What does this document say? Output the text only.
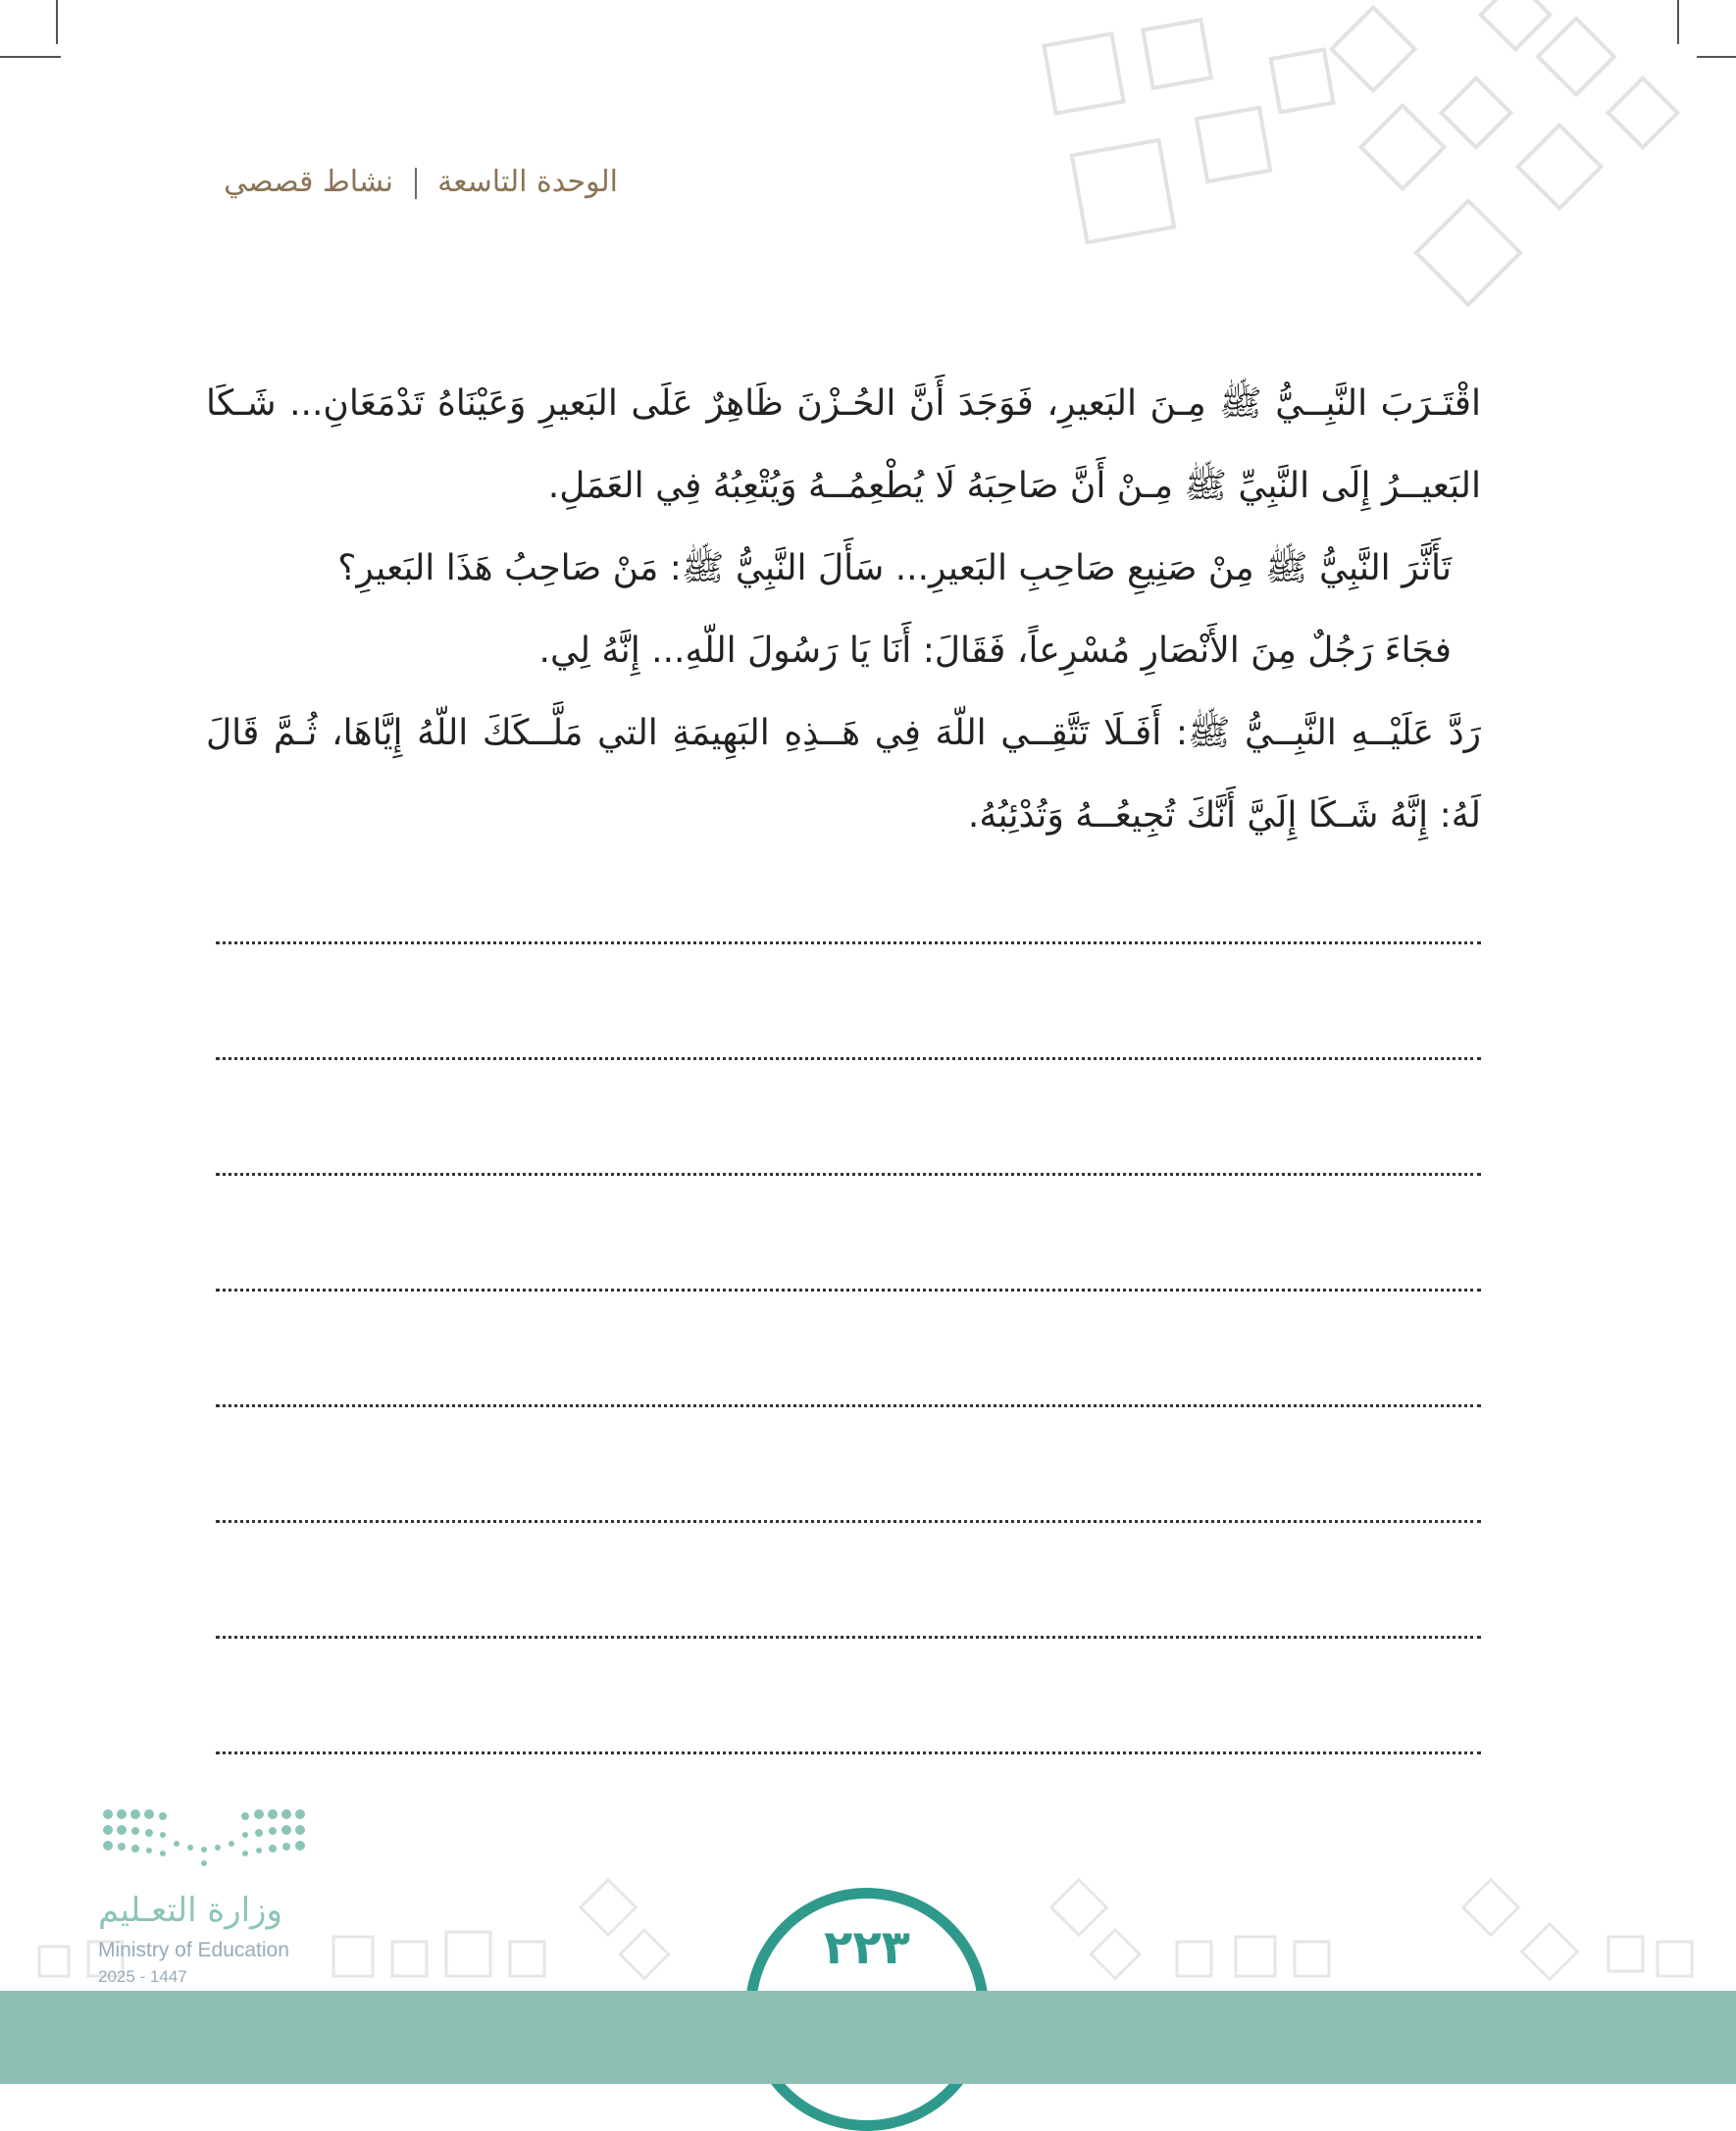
الوحدة التاسعة  نشاط قصصي

اقْتَـرَبَ النَّبِــيُّ ﷺ مِـنَ البَعيرِ، فَوَجَدَ أَنَّ الحُـزْنَ ظَاهِرٌ عَلَى البَعيرِ وَعَيْنَاهُ تَدْمَعَانِ... شَـكَا البَعيــرُ إِلَى النَّبِيِّ ﷺ مِـنْ أَنَّ صَاحِبَهُ لَا يُطْعِمُــهُ وَيُتْعِبُهُ فِي العَمَلِ.

تَأَثَّرَ النَّبِيُّ ﷺ مِنْ صَنِيعِ صَاحِبِ البَعيرِ... سَأَلَ النَّبِيُّ ﷺ: مَنْ صَاحِبُ هَذَا البَعيرِ؟

فجَاءَ رَجُلٌ مِنَ الأَنْصَارِ مُسْرِعاً، فَقَالَ: أَنَا يَا رَسُولَ اللّهِ... إِنَّهُ لِي.

رَدَّ عَلَيْــهِ النَّبِــيُّ ﷺ: أَفَـلَا تَتَّقِــي اللّهَ فِي هَــذِهِ البَهِيمَةِ التي مَلَّــكَكَ اللّهُ إِيَّاهَا، ثُـمَّ قَالَ لَهُ: إِنَّهُ شَـكَا إِلَيَّ أَنَّكَ تُجِيعُــهُ وَتُدْئِبُهُ.

٢٢٣
وزارة التعـليم
Ministry of Education
2025 - 1447
